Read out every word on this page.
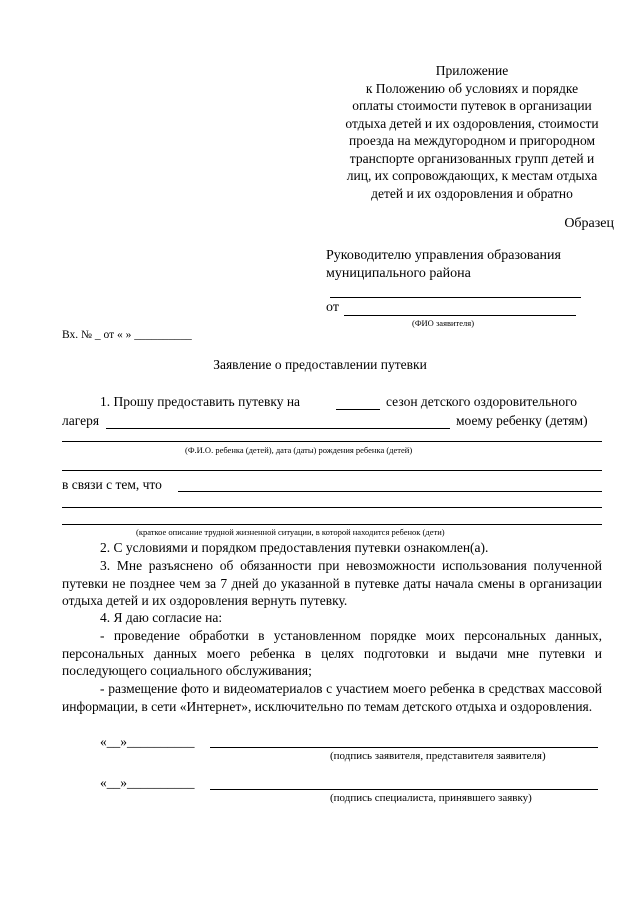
Приложение
к Положению об условиях и порядке
оплаты стоимости путевок в организации
отдыха детей и их оздоровления, стоимости
проезда на междугородном и пригородном
транспорте организованных групп детей и
лиц, их сопровождающих, к местам отдыха
детей и их оздоровления и обратно
Образец
Руководителю управления образования
муниципального района
от
(ФИО заявителя)
Вх. № _ от « » __________
Заявление о предоставлении путевки
1. Прошу предоставить путевку на	сезон детского оздоровительного
лагеря	моему ребенку (детям)
(Ф.И.О. ребенка (детей), дата (даты) рождения ребенка (детей)
в связи с тем, что
(краткое описание трудной жизненной ситуации, в которой находится ребенок (дети)
2. С условиями и порядком предоставления путевки ознакомлен(а).
3. Мне разъяснено об обязанности при невозможности использования полученной путевки не позднее чем за 7 дней до указанной в путевке даты начала смены в организации отдыха детей и их оздоровления вернуть путевку.
4. Я даю согласие на:
- проведение обработки в установленном порядке моих персональных данных, персональных данных моего ребенка в целях подготовки и выдачи мне путевки и последующего социального обслуживания;
- размещение фото и видеоматериалов с участием моего ребенка в средствах массовой информации, в сети «Интернет», исключительно по темам детского отдыха и оздоровления.
«__»__________
(подпись заявителя, представителя заявителя)
«__»__________
(подпись специалиста, принявшего заявку)
